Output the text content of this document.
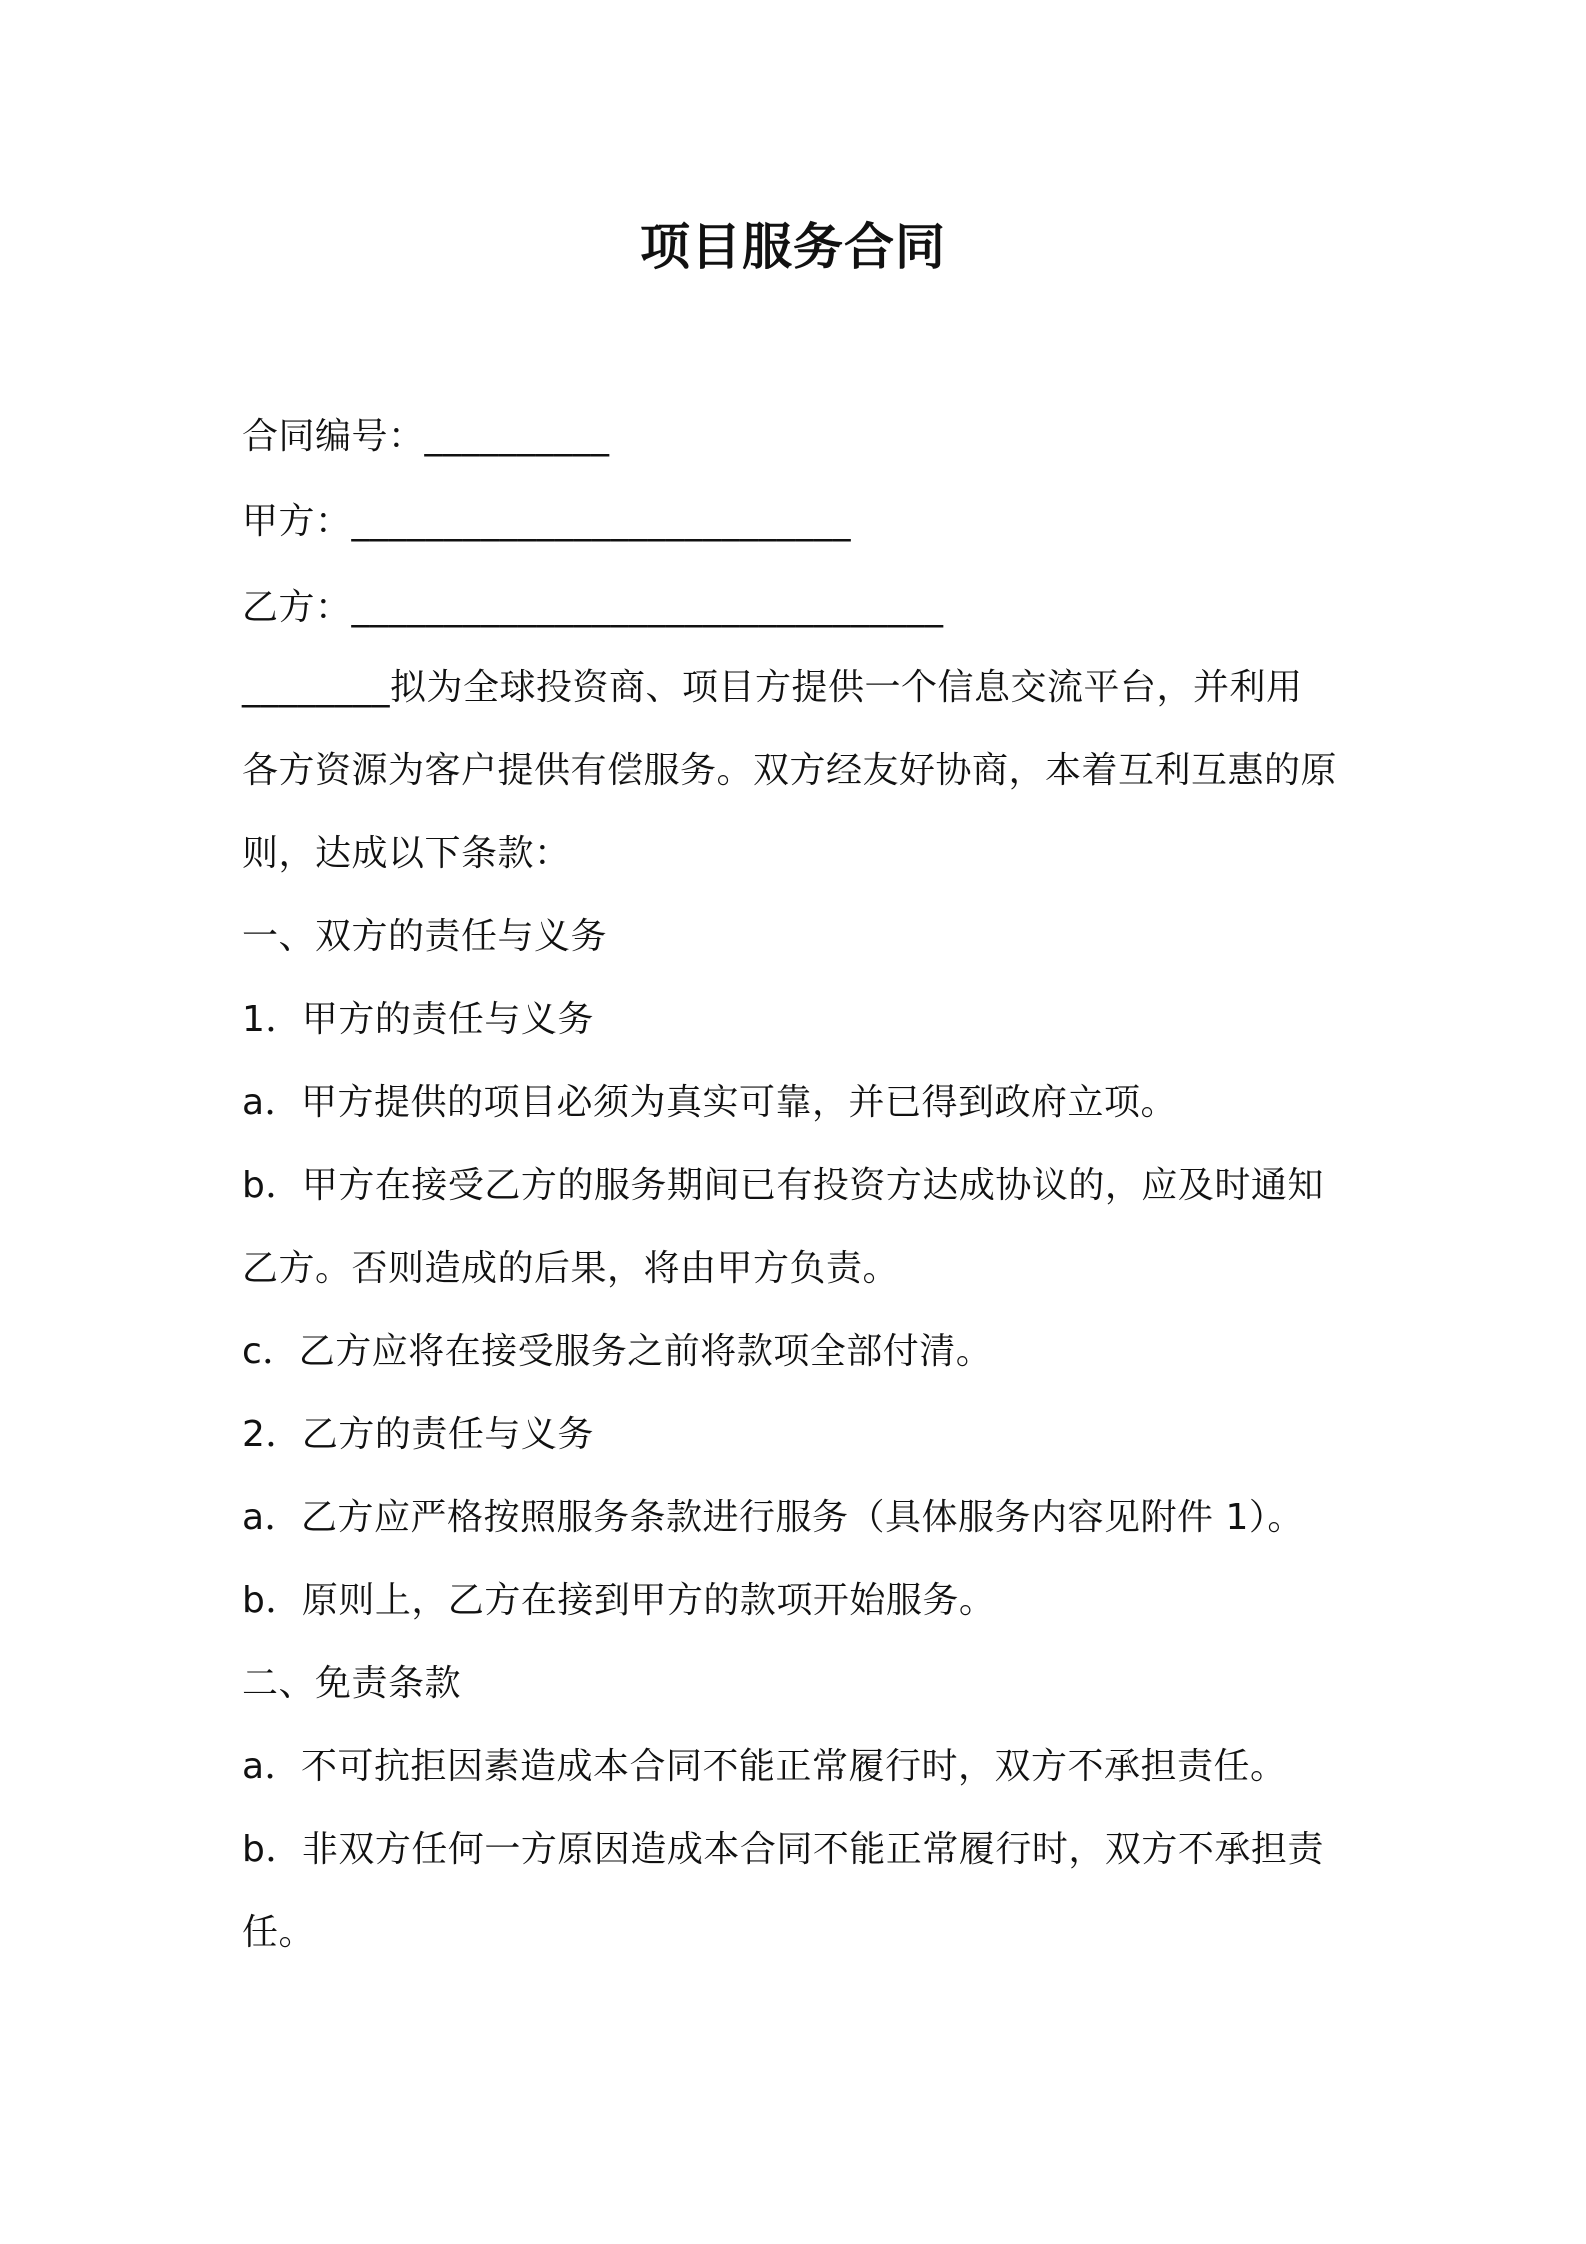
项目服务合同
合同编号：__________
甲方：___________________________
乙方：________________________________
________拟为全球投资商、项目方提供一个信息交流平台，并利用
各方资源为客户提供有偿服务。双方经友好协商，本着互利互惠的原
则，达成以下条款：
一、双方的责任与义务
1．甲方的责任与义务
a．甲方提供的项目必须为真实可靠，并已得到政府立项。
b．甲方在接受乙方的服务期间已有投资方达成协议的，应及时通知
乙方。否则造成的后果，将由甲方负责。
c．乙方应将在接受服务之前将款项全部付清。
2．乙方的责任与义务
a．乙方应严格按照服务条款进行服务（具体服务内容见附件 1）。
b．原则上，乙方在接到甲方的款项开始服务。
二、免责条款
a．不可抗拒因素造成本合同不能正常履行时，双方不承担责任。
b．非双方任何一方原因造成本合同不能正常履行时，双方不承担责
任。
